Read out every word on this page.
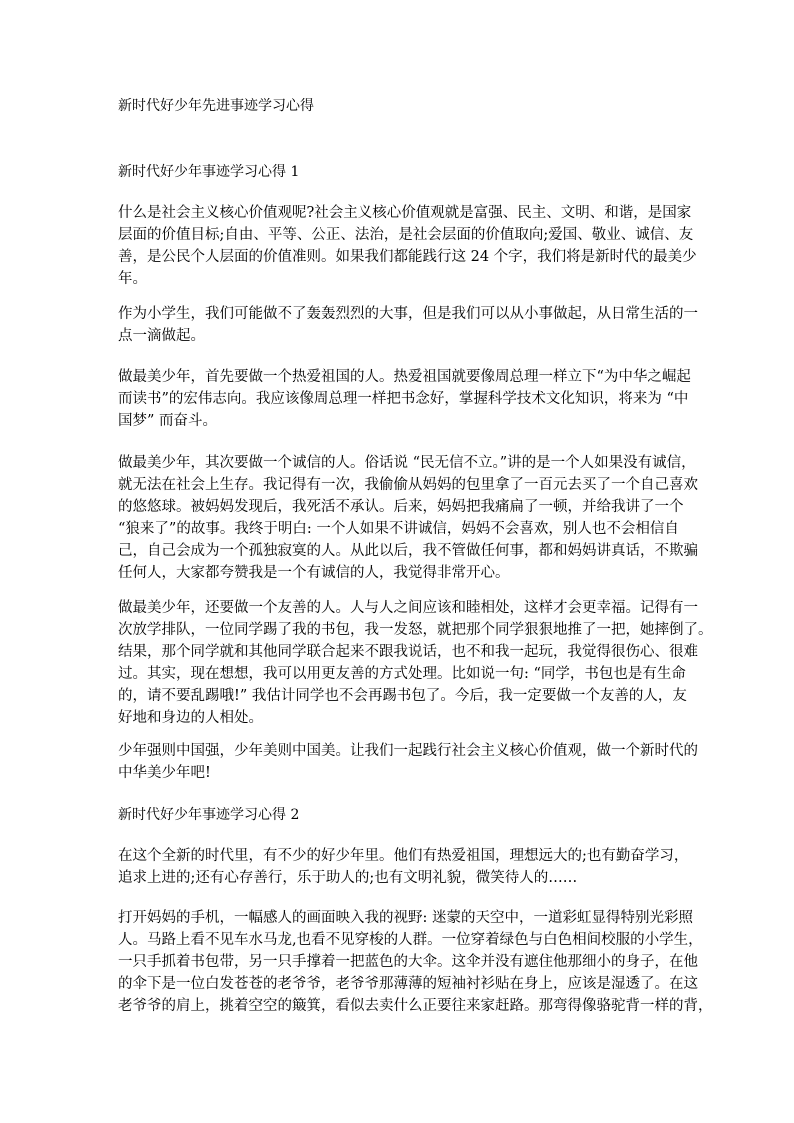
新时代好少年先进事迹学习心得
新时代好少年事迹学习心得 1
什么是社会主义核心价值观呢?社会主义核心价值观就是富强、民主、文明、和谐，是国家
层面的价值目标;自由、平等、公正、法治，是社会层面的价值取向;爱国、敬业、诚信、友
善，是公民个人层面的价值准则。如果我们都能践行这 24 个字，我们将是新时代的最美少
年。
作为小学生，我们可能做不了轰轰烈烈的大事，但是我们可以从小事做起，从日常生活的一
点一滴做起。
做最美少年，首先要做一个热爱祖国的人。热爱祖国就要像周总理一样立下“为中华之崛起
而读书”的宏伟志向。我应该像周总理一样把书念好，掌握科学技术文化知识，将来为 “中
国梦” 而奋斗。
做最美少年，其次要做一个诚信的人。俗话说 “民无信不立。”讲的是一个人如果没有诚信，
就无法在社会上生存。我记得有一次，我偷偷从妈妈的包里拿了一百元去买了一个自己喜欢
的悠悠球。被妈妈发现后，我死活不承认。后来，妈妈把我痛扁了一顿，并给我讲了一个
“狼来了”的故事。我终于明白: 一个人如果不讲诚信，妈妈不会喜欢，别人也不会相信自
己，自己会成为一个孤独寂寞的人。从此以后，我不管做任何事，都和妈妈讲真话，不欺骗
任何人，大家都夸赞我是一个有诚信的人，我觉得非常开心。
做最美少年，还要做一个友善的人。人与人之间应该和睦相处，这样才会更幸福。记得有一
次放学排队，一位同学踢了我的书包，我一发怒，就把那个同学狠狠地推了一把，她摔倒了。
结果，那个同学就和其他同学联合起来不跟我说话，也不和我一起玩，我觉得很伤心、很难
过。其实，现在想想，我可以用更友善的方式处理。比如说一句: “同学，书包也是有生命
的，请不要乱踢哦!” 我估计同学也不会再踢书包了。今后，我一定要做一个友善的人，友
好地和身边的人相处。
少年强则中国强，少年美则中国美。让我们一起践行社会主义核心价值观，做一个新时代的
中华美少年吧!
新时代好少年事迹学习心得 2
在这个全新的时代里，有不少的好少年里。他们有热爱祖国，理想远大的;也有勤奋学习，
追求上进的;还有心存善行，乐于助人的;也有文明礼貌，微笑待人的……
打开妈妈的手机，一幅感人的画面映入我的视野: 迷蒙的天空中，一道彩虹显得特别光彩照
人。马路上看不见车水马龙,也看不见穿梭的人群。一位穿着绿色与白色相间校服的小学生，
一只手抓着书包带，另一只手撑着一把蓝色的大伞。这伞并没有遮住他那细小的身子，在他
的伞下是一位白发苍苍的老爷爷，老爷爷那薄薄的短袖衬衫贴在身上，应该是湿透了。在这
老爷爷的肩上，挑着空空的簸箕，看似去卖什么正要往来家赶路。那弯得像骆驼背一样的背，
